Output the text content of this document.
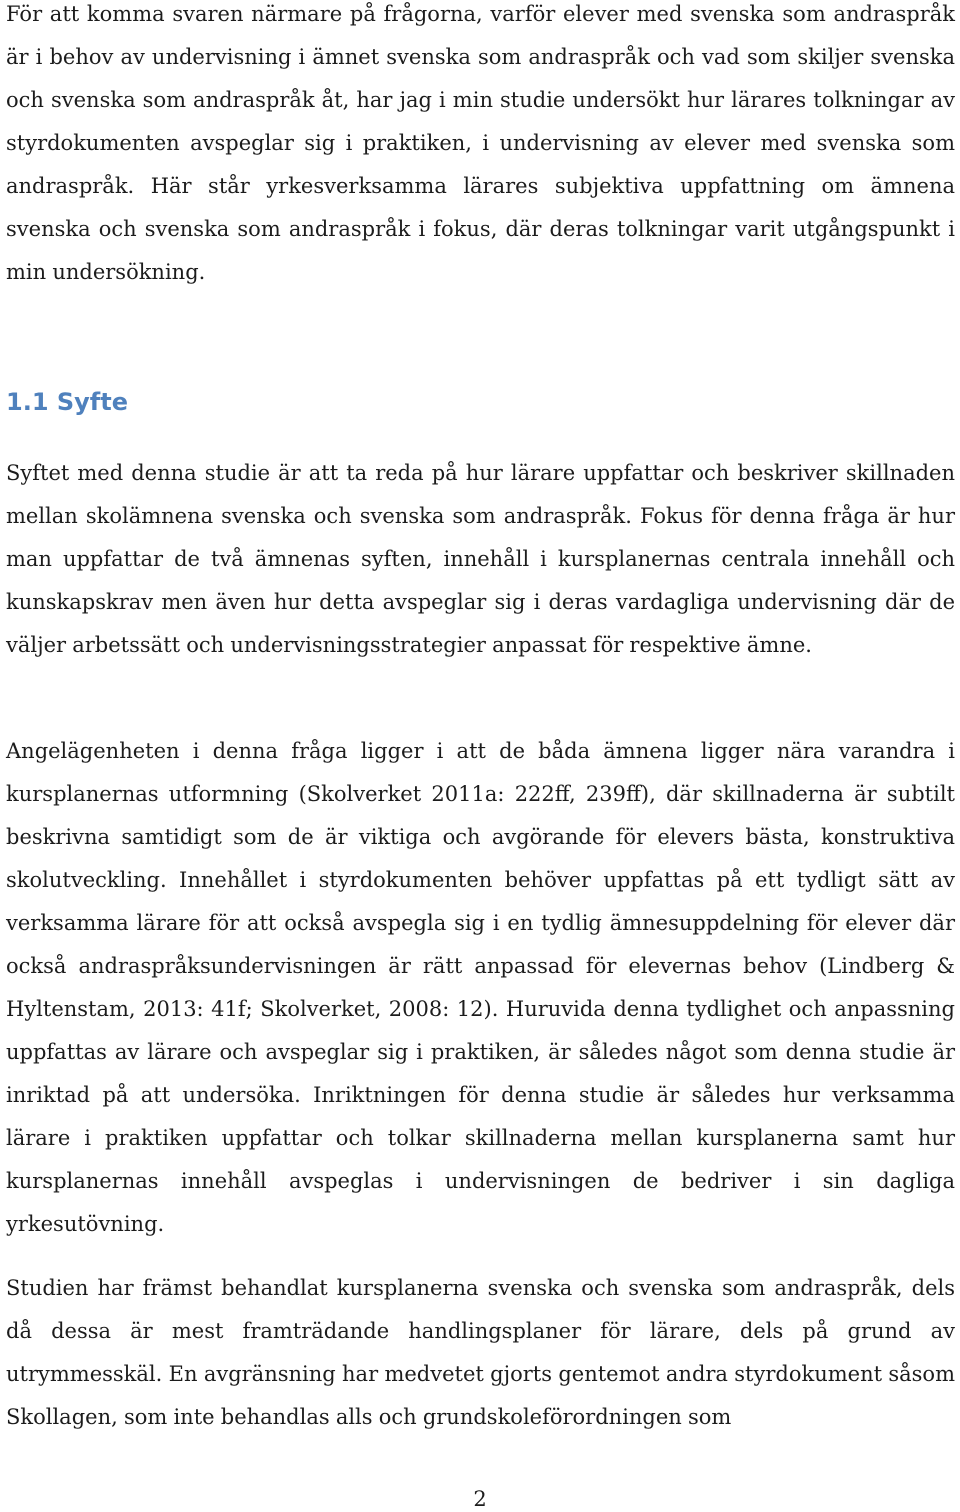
För att komma svaren närmare på frågorna, varför elever med svenska som andraspråk är i behov av undervisning i ämnet svenska som andraspråk och vad som skiljer svenska och svenska som andraspråk åt, har jag i min studie undersökt hur lärares tolkningar av styrdokumenten avspeglar sig i praktiken, i undervisning av elever med svenska som andraspråk. Här står yrkesverksamma lärares subjektiva uppfattning om ämnena svenska och svenska som andraspråk i fokus, där deras tolkningar varit utgångspunkt i min undersökning.

1.1 Syfte

Syftet med denna studie är att ta reda på hur lärare uppfattar och beskriver skillnaden mellan skolämnena svenska och svenska som andraspråk. Fokus för denna fråga är hur man uppfattar de två ämnenas syften, innehåll i kursplanernas centrala innehåll och kunskapskrav men även hur detta avspeglar sig i deras vardagliga undervisning där de väljer arbetssätt och undervisningsstrategier anpassat för respektive ämne.

Angelägenheten i denna fråga ligger i att de båda ämnena ligger nära varandra i kursplanernas utformning (Skolverket 2011a: 222ff, 239ff), där skillnaderna är subtilt beskrivna samtidigt som de är viktiga och avgörande för elevers bästa, konstruktiva skolutveckling. Innehållet i styrdokumenten behöver uppfattas på ett tydligt sätt av verksamma lärare för att också avspegla sig i en tydlig ämnesuppdelning för elever där också andraspråksundervisningen är rätt anpassad för elevernas behov (Lindberg & Hyltenstam, 2013: 41f; Skolverket, 2008: 12). Huruvida denna tydlighet och anpassning uppfattas av lärare och avspeglar sig i praktiken, är således något som denna studie är inriktad på att undersöka. Inriktningen för denna studie är således hur verksamma lärare i praktiken uppfattar och tolkar skillnaderna mellan kursplanerna samt hur kursplanernas innehåll avspeglas i undervisningen de bedriver i sin dagliga yrkesutövning.

Studien har främst behandlat kursplanerna svenska och svenska som andraspråk, dels då dessa är mest framträdande handlingsplaner för lärare, dels på grund av utrymmesskäl. En avgränsning har medvetet gjorts gentemot andra styrdokument såsom Skollagen, som inte behandlas alls och grundskoleförordningen som

2
